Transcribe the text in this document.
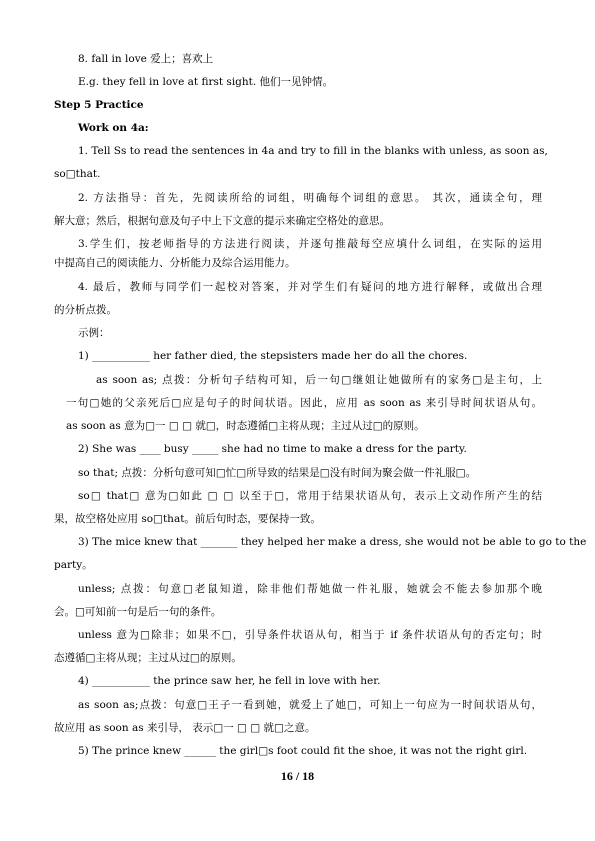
8. fall in love 爱上；喜欢上

E.g. they fell in love at first sight. 他们一见钟情。

Step 5 Practice

Work on 4a:

1. Tell Ss to read the sentences in 4a and try to fill in the blanks with unless, as soon as,

so□that.

2. 方法指导：首先，先阅读所给的词组，明确每个词组的意思。 其次，通读全句，理

解大意；然后，根据句意及句子中上下文意的提示来确定空格处的意思。

3.学生们，按老师指导的方法进行阅读，并逐句推敲每空应填什么词组，在实际的运用

中提高自己的阅读能力、分析能力及综合运用能力。

4. 最后，教师与同学们一起校对答案，并对学生们有疑问的地方进行解释，或做出合理

的分析点拨。

示例：

1) ___________ her father died, the stepsisters made her do all the chores.

as soon as; 点拨：分析句子结构可知，后一句□继姐让她做所有的家务□是主句，上

一句□她的父亲死后□应是句子的时间状语。因此，应用 as soon as 来引导时间状语从句。

as soon as 意为□一 □ □ 就□，时态遵循□主将从现；主过从过□的原则。

2) She was ____ busy _____ she had no time to make a dress for the party.

so that; 点拨：分析句意可知□忙□所导致的结果是□没有时间为聚会做一件礼服□。

so□ that□ 意为□如此 □ □ 以至于□，常用于结果状语从句，表示上文动作所产生的结

果，故空格处应用 so□that。前后句时态，要保持一致。

3) The mice knew that _______ they helped her make a dress, she would not be able to go to the

party。

unless; 点拨：句意□老鼠知道，除非他们帮她做一件礼服，她就会不能去参加那个晚

会。□可知前一句是后一句的条件。

unless 意为□除非；如果不□，引导条件状语从句，相当于 if 条件状语从句的否定句；时

态遵循□主将从现；主过从过□的原则。

4) ___________ the prince saw her, he fell in love with her.

as soon as;点拨：句意□王子一看到她，就爱上了她□，可知上一句应为一时间状语从句，

故应用 as soon as 来引导， 表示□一 □ □ 就□之意。

5) The prince knew ______ the girl□s foot could fit the shoe, it was not the right girl.

16 / 18
